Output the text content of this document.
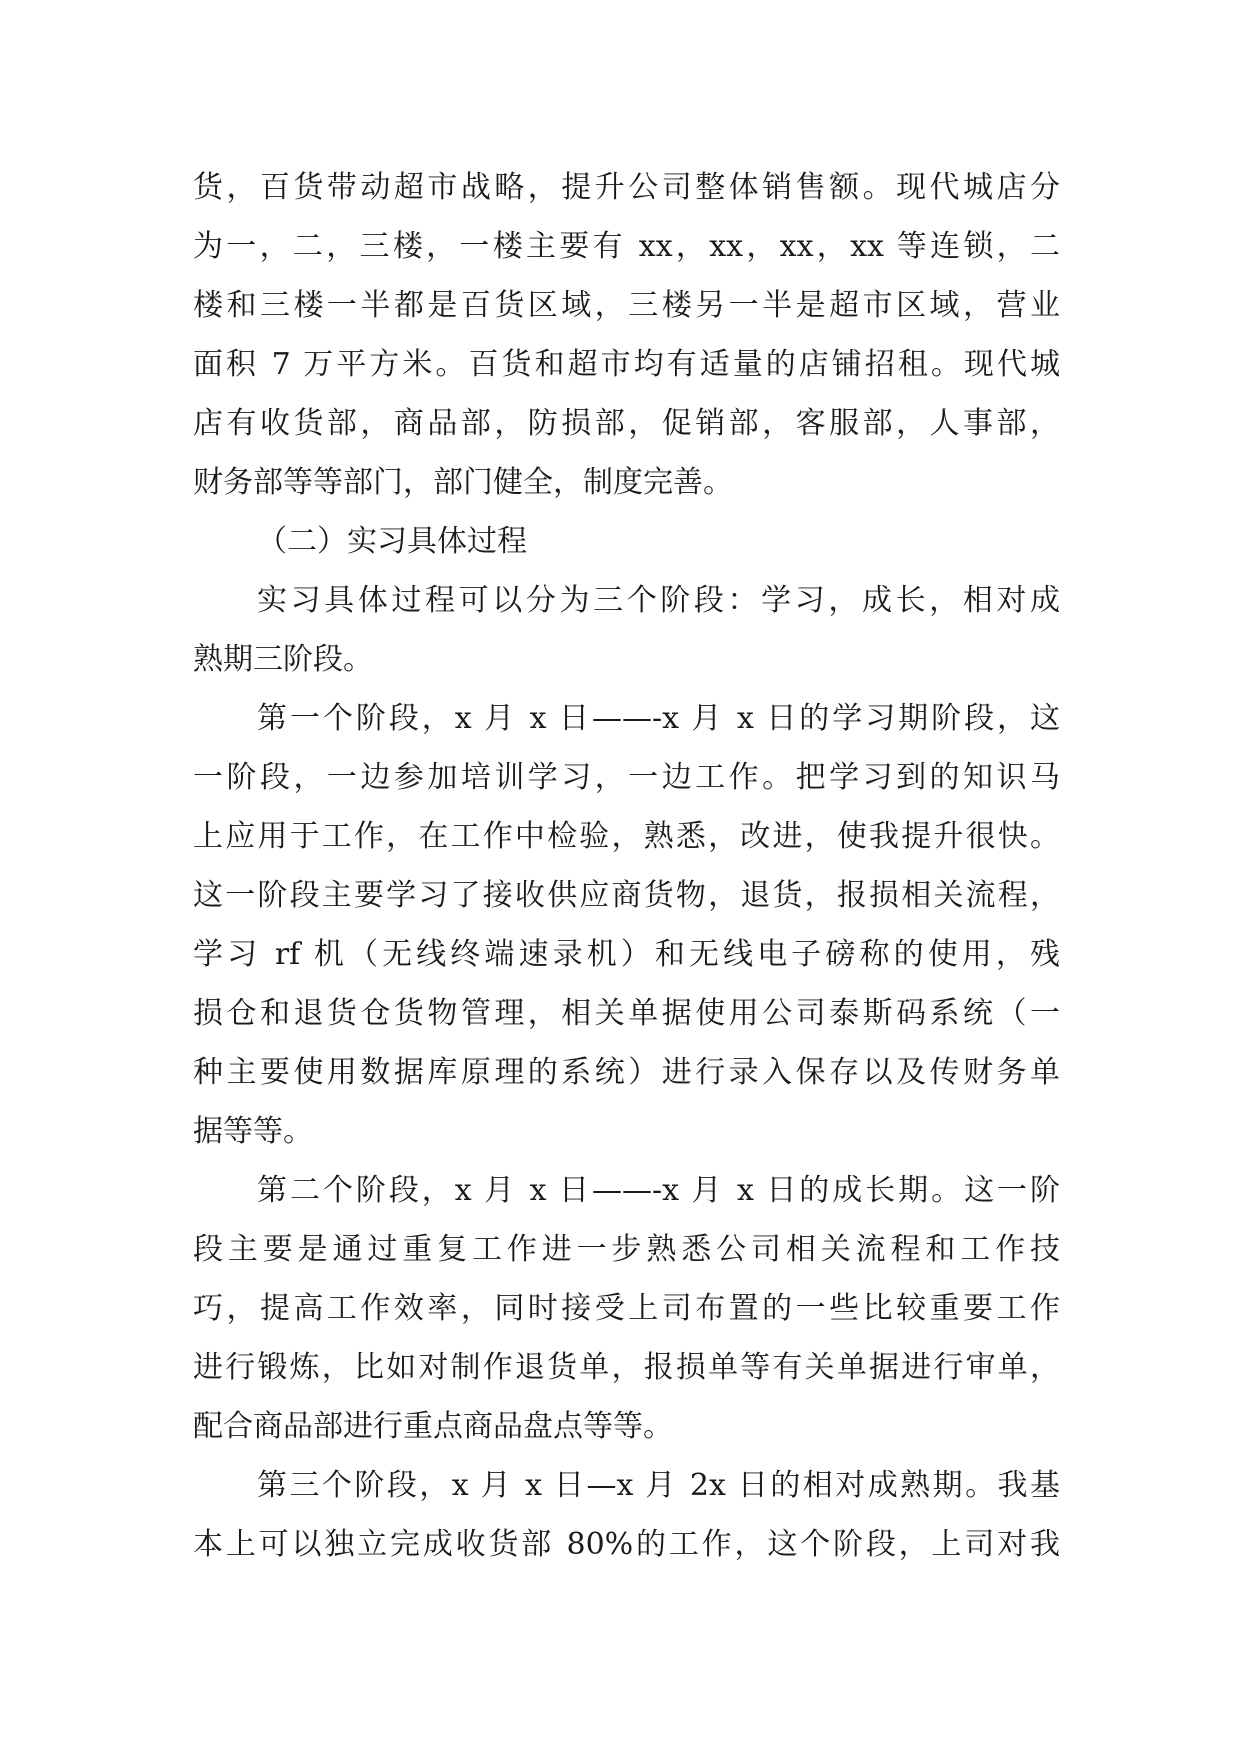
货，百货带动超市战略，提升公司整体销售额。现代城店分
为一，二，三楼，一楼主要有 xx，xx，xx，xx 等连锁，二
楼和三楼一半都是百货区域，三楼另一半是超市区域，营业
面积 7 万平方米。百货和超市均有适量的店铺招租。现代城
店有收货部，商品部，防损部，促销部，客服部，人事部，
财务部等等部门，部门健全，制度完善。
（二）实习具体过程
实习具体过程可以分为三个阶段：学习，成长，相对成
熟期三阶段。
第一个阶段，x 月 x 日——-x 月 x 日的学习期阶段，这
一阶段，一边参加培训学习，一边工作。把学习到的知识马
上应用于工作，在工作中检验，熟悉，改进，使我提升很快。
这一阶段主要学习了接收供应商货物，退货，报损相关流程，
学习 rf 机（无线终端速录机）和无线电子磅称的使用，残
损仓和退货仓货物管理，相关单据使用公司泰斯码系统（一
种主要使用数据库原理的系统）进行录入保存以及传财务单
据等等。
第二个阶段，x 月 x 日——-x 月 x 日的成长期。这一阶
段主要是通过重复工作进一步熟悉公司相关流程和工作技
巧，提高工作效率，同时接受上司布置的一些比较重要工作
进行锻炼，比如对制作退货单，报损单等有关单据进行审单，
配合商品部进行重点商品盘点等等。
第三个阶段，x 月 x 日—x 月 2x 日的相对成熟期。我基
本上可以独立完成收货部 80%的工作，这个阶段，上司对我
